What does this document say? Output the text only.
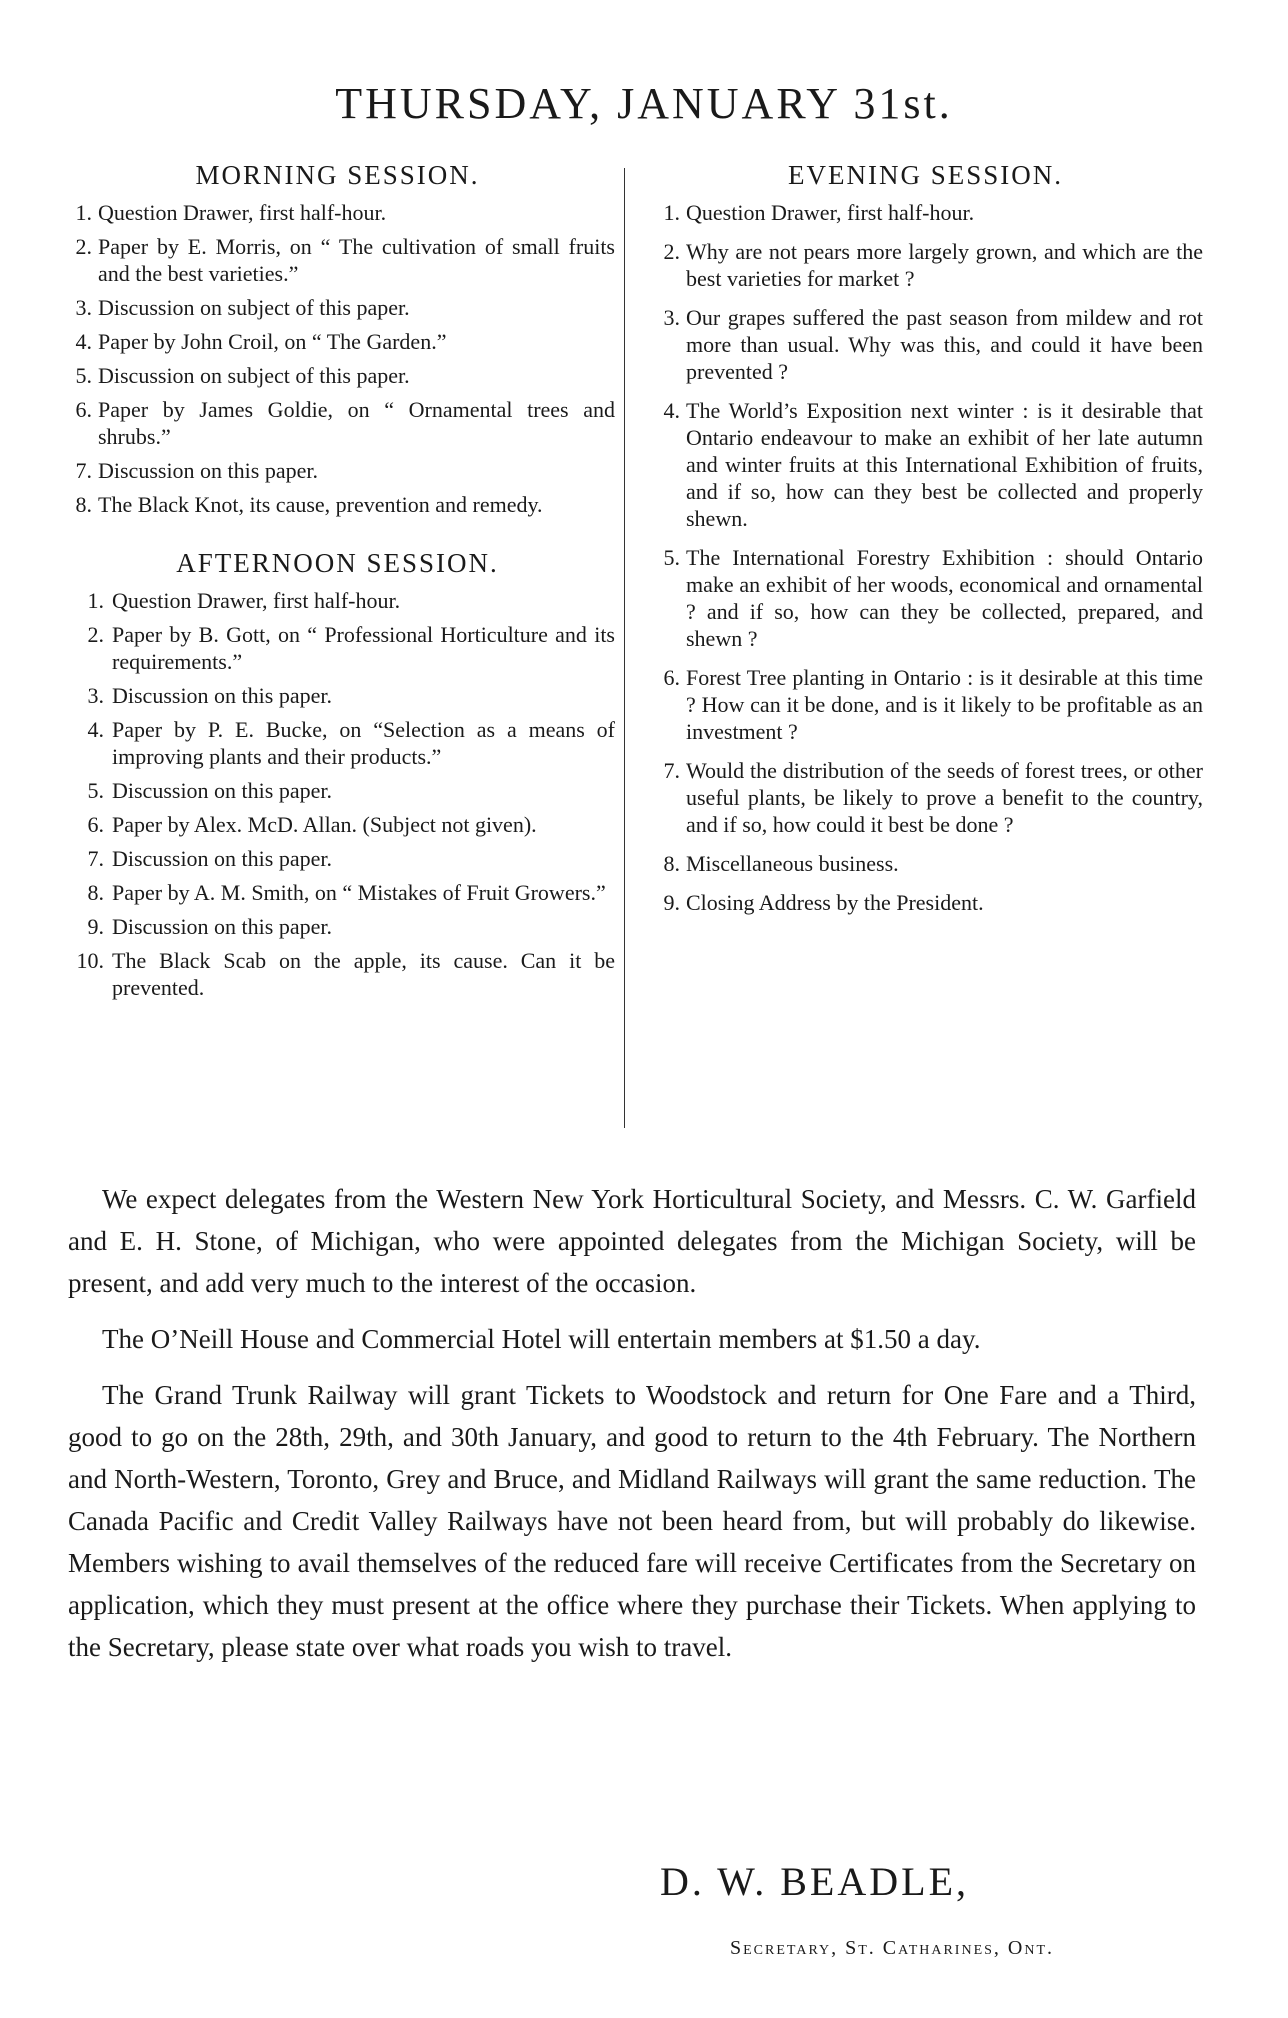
THURSDAY, JANUARY 31st.
MORNING SESSION.
1. Question Drawer, first half-hour.
2. Paper by E. Morris, on “ The cultivation of small fruits and the best varieties.”
3. Discussion on subject of this paper.
4. Paper by John Croil, on “ The Garden.”
5. Discussion on subject of this paper.
6. Paper by James Goldie, on “ Ornamental trees and shrubs.”
7. Discussion on this paper.
8. The Black Knot, its cause, prevention and remedy.
AFTERNOON SESSION.
1. Question Drawer, first half-hour.
2. Paper by B. Gott, on “ Professional Horticulture and its requirements.”
3. Discussion on this paper.
4. Paper by P. E. Bucke, on “Selection as a means of improving plants and their products.”
5. Discussion on this paper.
6. Paper by Alex. McD. Allan. (Subject not given).
7. Discussion on this paper.
8. Paper by A. M. Smith, on “ Mistakes of Fruit Growers.”
9. Discussion on this paper.
10. The Black Scab on the apple, its cause. Can it be prevented.
EVENING SESSION.
1. Question Drawer, first half-hour.
2. Why are not pears more largely grown, and which are the best varieties for market ?
3. Our grapes suffered the past season from mildew and rot more than usual. Why was this, and could it have been prevented ?
4. The World’s Exposition next winter : is it desirable that Ontario endeavour to make an exhibit of her late autumn and winter fruits at this International Exhibition of fruits, and if so, how can they best be collected and properly shewn.
5. The International Forestry Exhibition : should Ontario make an exhibit of her woods, economical and ornamental ? and if so, how can they be collected, prepared, and shewn ?
6. Forest Tree planting in Ontario : is it desirable at this time ? How can it be done, and is it likely to be profitable as an investment ?
7. Would the distribution of the seeds of forest trees, or other useful plants, be likely to prove a benefit to the country, and if so, how could it best be done ?
8. Miscellaneous business.
9. Closing Address by the President.

We expect delegates from the Western New York Horticultural Society, and Messrs. C. W. Garfield and E. H. Stone, of Michigan, who were appointed delegates from the Michigan Society, will be present, and add very much to the interest of the occasion.

The O’Neill House and Commercial Hotel will entertain members at $1.50 a day.

The Grand Trunk Railway will grant Tickets to Woodstock and return for One Fare and a Third, good to go on the 28th, 29th, and 30th January, and good to return to the 4th February. The Northern and North-Western, Toronto, Grey and Bruce, and Midland Railways will grant the same reduction. The Canada Pacific and Credit Valley Railways have not been heard from, but will probably do likewise. Members wishing to avail themselves of the reduced fare will receive Certificates from the Secretary on application, which they must present at the office where they purchase their Tickets. When applying to the Secretary, please state over what roads you wish to travel.

D. W. BEADLE,
Secretary, St. Catharines, Ont.
